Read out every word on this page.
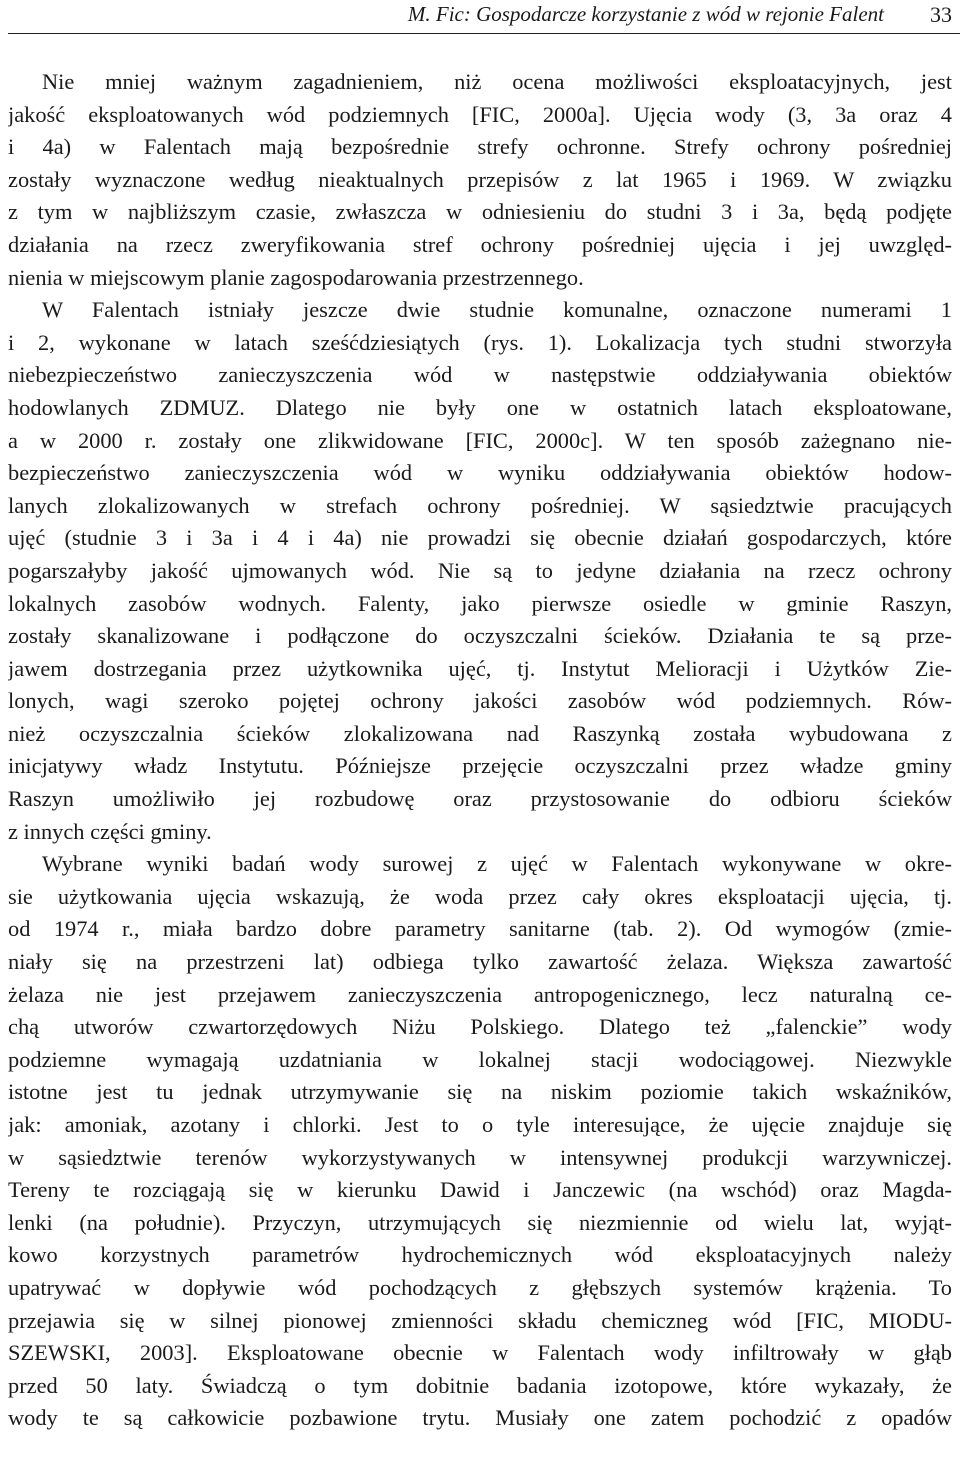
M. Fic: Gospodarcze korzystanie z wód w rejonie Falent 33

Nie mniej ważnym zagadnieniem, niż ocena możliwości eksploatacyjnych, jest
jakość eksploatowanych wód podziemnych [FIC, 2000a]. Ujęcia wody (3, 3a oraz 4
i 4a) w Falentach mają bezpośrednie strefy ochronne. Strefy ochrony pośredniej
zostały wyznaczone według nieaktualnych przepisów z lat 1965 i 1969. W związku
z tym w najbliższym czasie, zwłaszcza w odniesieniu do studni 3 i 3a, będą podjęte
działania na rzecz zweryfikowania stref ochrony pośredniej ujęcia i jej uwzględ-
nienia w miejscowym planie zagospodarowania przestrzennego.

W Falentach istniały jeszcze dwie studnie komunalne, oznaczone numerami 1
i 2, wykonane w latach sześćdziesiątych (rys. 1). Lokalizacja tych studni stworzyła
niebezpieczeństwo zanieczyszczenia wód w następstwie oddziaływania obiektów
hodowlanych ZDMUZ. Dlatego nie były one w ostatnich latach eksploatowane,
a w 2000 r. zostały one zlikwidowane [FIC, 2000c]. W ten sposób zażegnano nie-
bezpieczeństwo zanieczyszczenia wód w wyniku oddziaływania obiektów hodow-
lanych zlokalizowanych w strefach ochrony pośredniej. W sąsiedztwie pracujących
ujęć (studnie 3 i 3a i 4 i 4a) nie prowadzi się obecnie działań gospodarczych, które
pogarszałyby jakość ujmowanych wód. Nie są to jedyne działania na rzecz ochrony
lokalnych zasobów wodnych. Falenty, jako pierwsze osiedle w gminie Raszyn,
zostały skanalizowane i podłączone do oczyszczalni ścieków. Działania te są prze-
jawem dostrzegania przez użytkownika ujęć, tj. Instytut Melioracji i Użytków Zie-
lonych, wagi szeroko pojętej ochrony jakości zasobów wód podziemnych. Rów-
nież oczyszczalnia ścieków zlokalizowana nad Raszynką została wybudowana z
inicjatywy władz Instytutu. Późniejsze przejęcie oczyszczalni przez władze gminy
Raszyn umożliwiło jej rozbudowę oraz przystosowanie do odbioru ścieków
z innych części gminy.

Wybrane wyniki badań wody surowej z ujęć w Falentach wykonywane w okre-
sie użytkowania ujęcia wskazują, że woda przez cały okres eksploatacji ujęcia, tj.
od 1974 r., miała bardzo dobre parametry sanitarne (tab. 2). Od wymogów (zmie-
niały się na przestrzeni lat) odbiega tylko zawartość żelaza. Większa zawartość
żelaza nie jest przejawem zanieczyszczenia antropogenicznego, lecz naturalną ce-
chą utworów czwartorzędowych Niżu Polskiego. Dlatego też „falenckie” wody
podziemne wymagają uzdatniania w lokalnej stacji wodociągowej. Niezwykle
istotne jest tu jednak utrzymywanie się na niskim poziomie takich wskaźników,
jak: amoniak, azotany i chlorki. Jest to o tyle interesujące, że ujęcie znajduje się
w sąsiedztwie terenów wykorzystywanych w intensywnej produkcji warzywniczej.
Tereny te rozciągają się w kierunku Dawid i Janczewic (na wschód) oraz Magda-
lenki (na południe). Przyczyn, utrzymujących się niezmiennie od wielu lat, wyjąt-
kowo korzystnych parametrów hydrochemicznych wód eksploatacyjnych należy
upatrywać w dopływie wód pochodzących z głębszych systemów krążenia. To
przejawia się w silnej pionowej zmienności składu chemiczneg wód [FIC, MIODU-
SZEWSKI, 2003]. Eksploatowane obecnie w Falentach wody infiltrowały w głąb
przed 50 laty. Świadczą o tym dobitnie badania izotopowe, które wykazały, że
wody te są całkowicie pozbawione trytu. Musiały one zatem pochodzić z opadów
